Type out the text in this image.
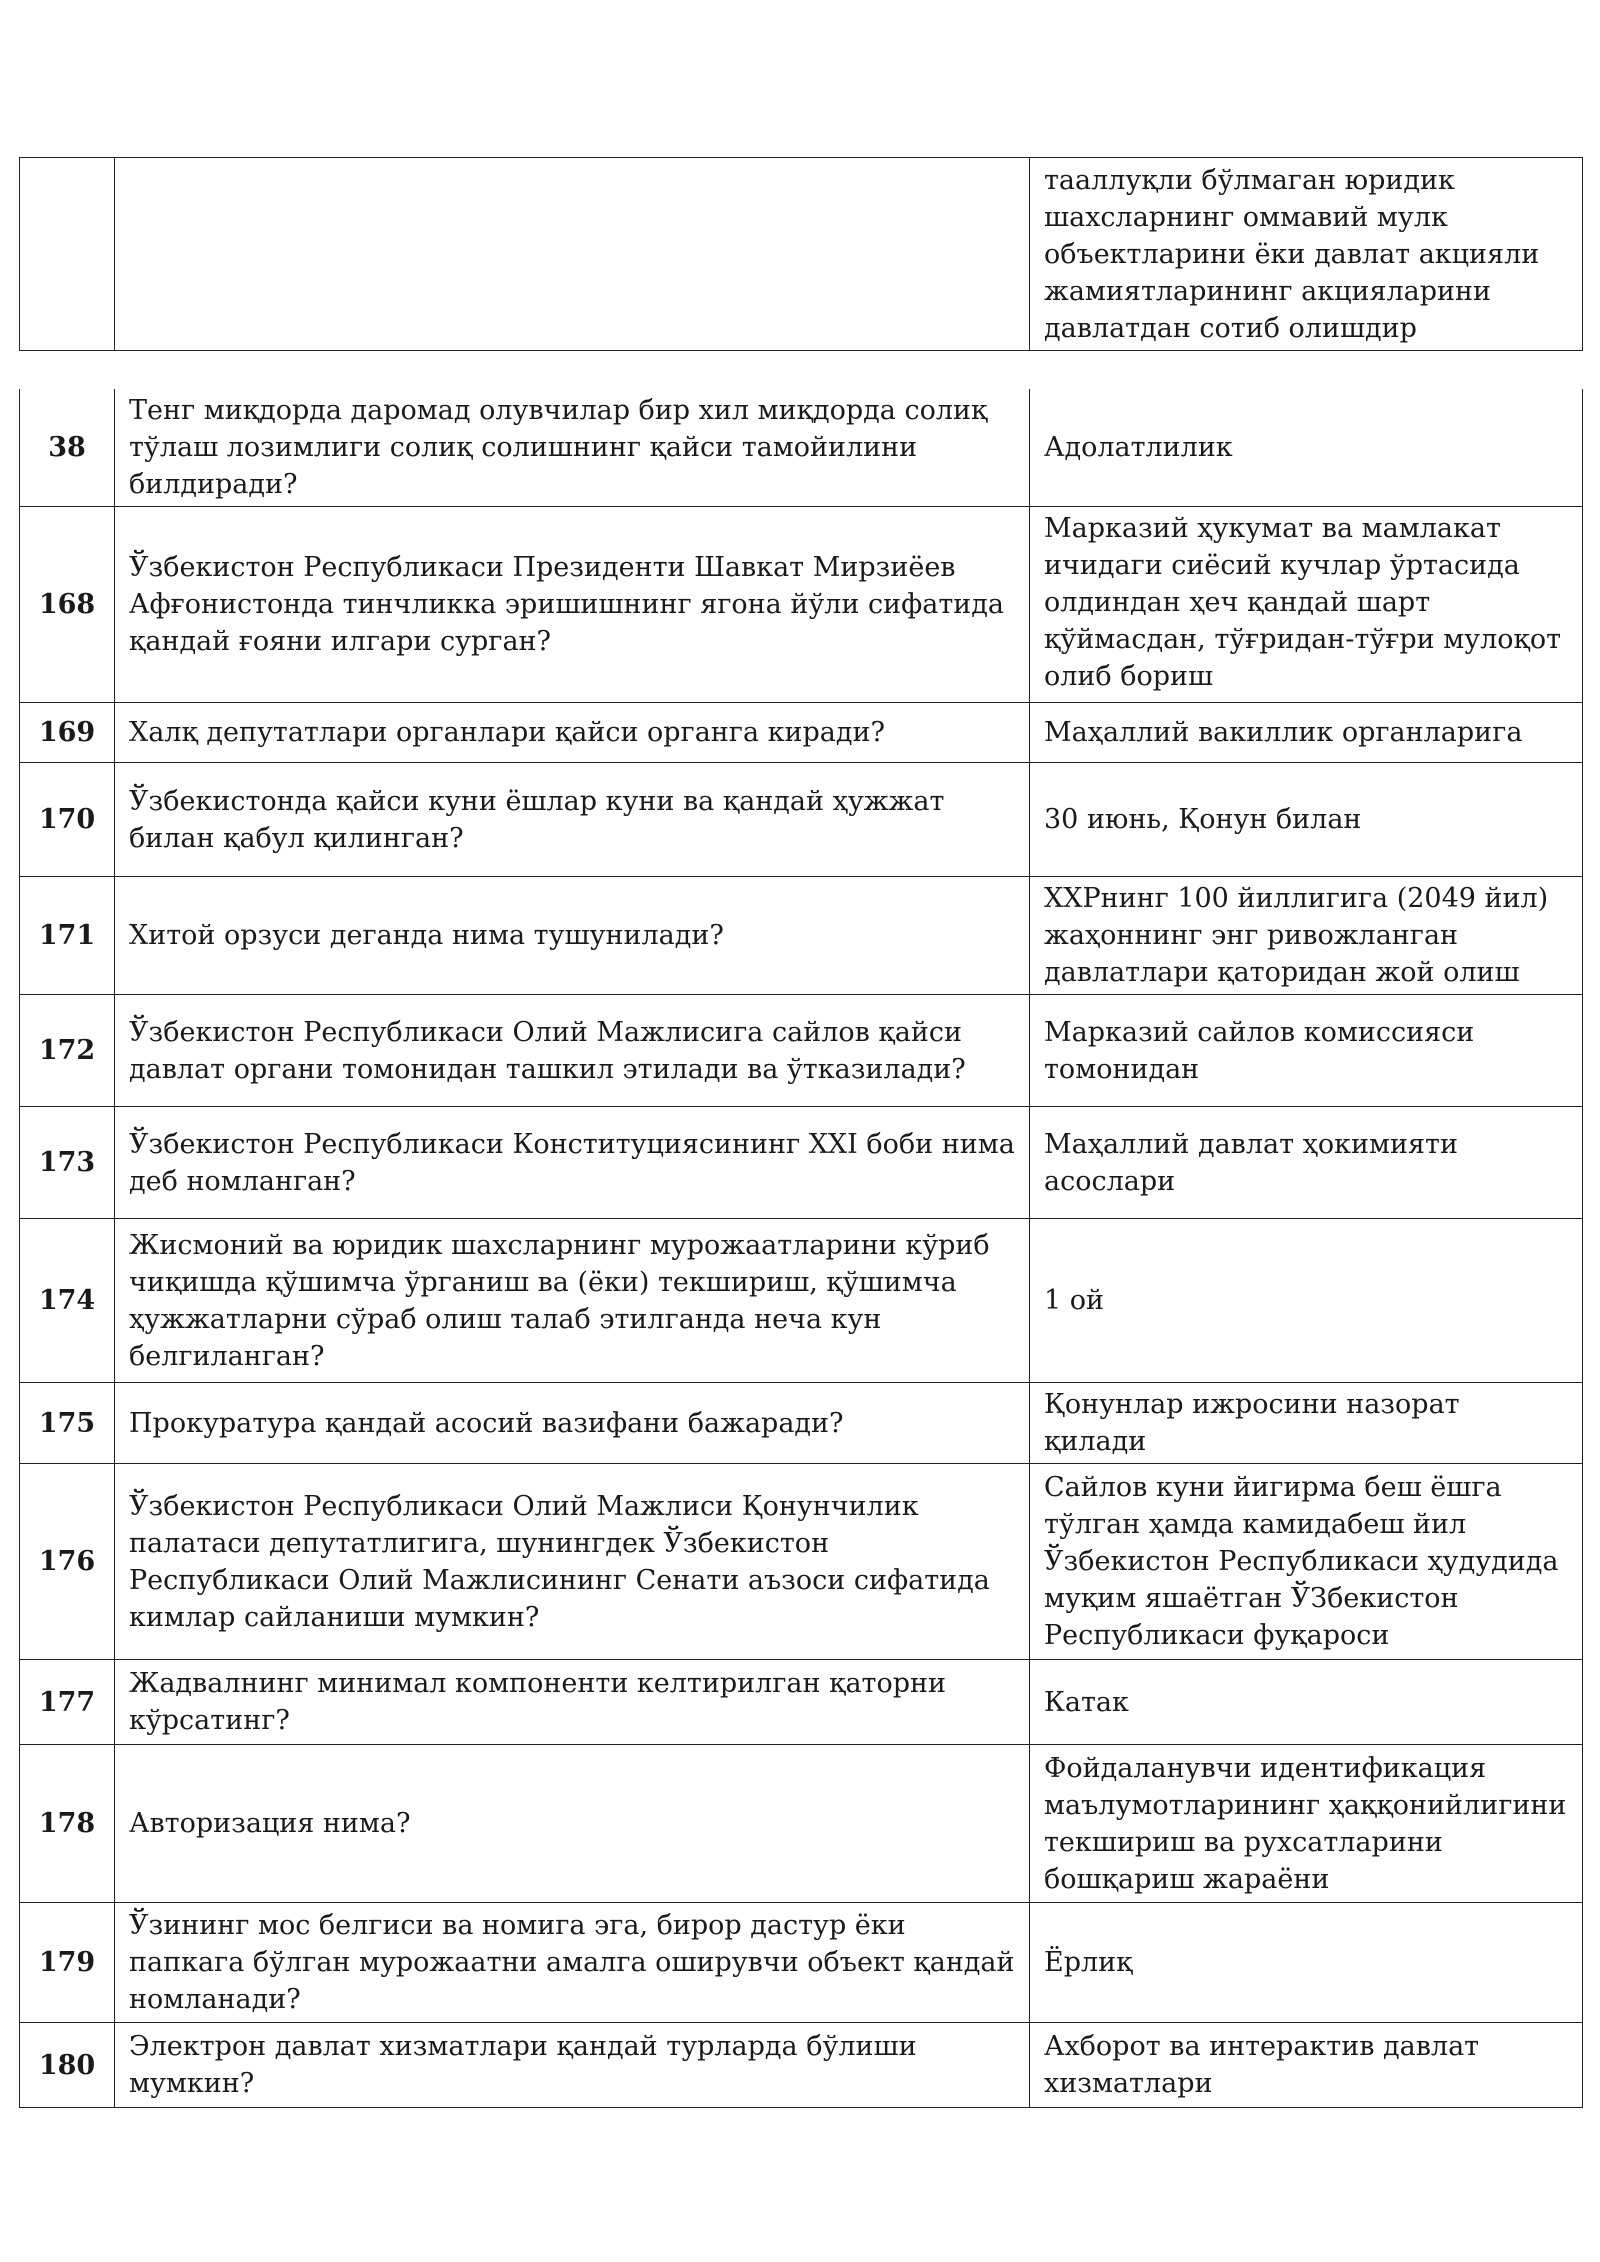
		тааллуқли бўлмаган юридик шахсларнинг оммавий мулк объектларини ёки давлат акцияли жамиятларининг акцияларини давлатдан сотиб олишдир
38	Тенг миқдорда даромад олувчилар бир хил миқдорда солиқ тўлаш лозимлиги солиқ солишнинг қайси тамойилини билдиради?	Адолатлилик
168	Ўзбекистон Республикаси Президенти Шавкат Мирзиёев Афғонистонда тинчликка эришишнинг ягона йўли сифатида қандай ғояни илгари сурган?	Марказий ҳукумат ва мамлакат ичидаги сиёсий кучлар ўртасида олдиндан ҳеч қандай шарт қўймасдан, тўғридан-тўғри мулоқот олиб бориш
169	Халқ депутатлари органлари қайси органга киради?	Маҳаллий вакиллик органларига
170	Ўзбекистонда қайси куни ёшлар куни ва қандай ҳужжат билан қабул қилинган?	30 июнь, Қонун билан
171	Хитой орзуси деганда нима тушунилади?	ХХРнинг 100 йиллигига (2049 йил) жаҳоннинг энг ривожланган давлатлари қаторидан жой олиш
172	Ўзбекистон Республикаси Олий Мажлисига сайлов қайси давлат органи томонидан ташкил этилади ва ўтказилади?	Марказий сайлов комиссияси томонидан
173	Ўзбекистон Республикаси Конституциясининг XXI боби нима деб номланган?	Маҳаллий давлат ҳокимияти асослари
174	Жисмоний ва юридик шахсларнинг мурожаатларини кўриб чиқишда қўшимча ўрганиш ва (ёки) текшириш, қўшимча ҳужжатларни сўраб олиш талаб этилганда неча кун белгиланган?	1 ой
175	Прокуратура қандай асосий вазифани бажаради?	Қонунлар ижросини назорат қилади
176	Ўзбекистон Республикаси Олий Мажлиси Қонунчилик палатаси депутатлигига, шунингдек Ўзбекистон Республикаси Олий Мажлисининг Сенати аъзоси сифатида кимлар сайланиши мумкин?	Сайлов куни йигирма беш ёшга тўлган ҳамда камидабеш йил Ўзбекистон Республикаси ҳудудида муқим яшаётган ЎЗбекистон Республикаси фуқароси
177	Жадвалнинг минимал компоненти келтирилган қаторни кўрсатинг?	Катак
178	Авторизация нима?	Фойдаланувчи идентификация маълумотларининг ҳаққонийлигини текшириш ва рухсатларини бошқариш жараёни
179	Ўзининг мос белгиси ва номига эга, бирор дастур ёки папкага бўлган мурожаатни амалга оширувчи объект қандай номланади?	Ёрлиқ
180	Электрон давлат хизматлари қандай турларда бўлиши мумкин?	Ахборот ва интерактив давлат хизматлари
